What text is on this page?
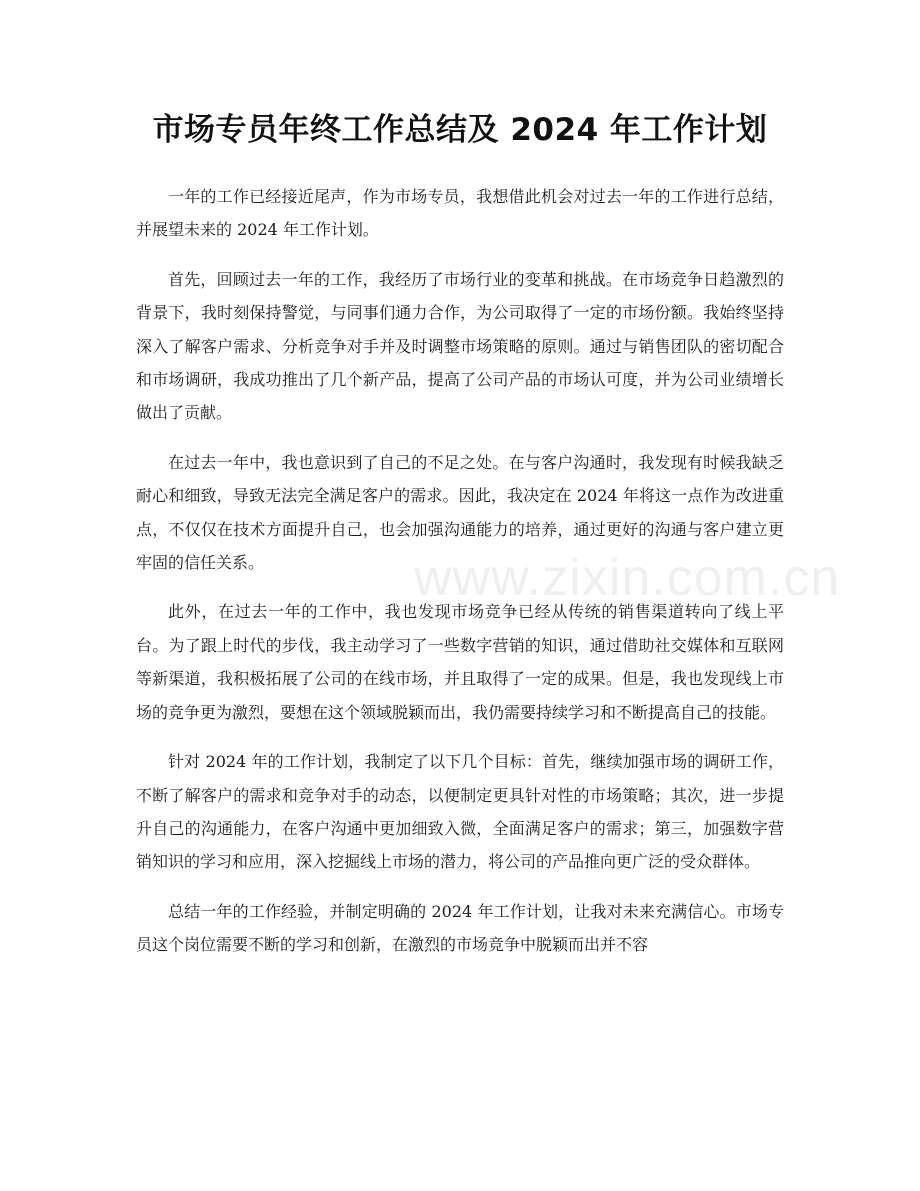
市场专员年终工作总结及 2024 年工作计划

一年的工作已经接近尾声，作为市场专员，我想借此机会对过去一年的工作进行总结，并展望未来的 2024 年工作计划。

首先，回顾过去一年的工作，我经历了市场行业的变革和挑战。在市场竞争日趋激烈的背景下，我时刻保持警觉，与同事们通力合作，为公司取得了一定的市场份额。我始终坚持深入了解客户需求、分析竞争对手并及时调整市场策略的原则。通过与销售团队的密切配合和市场调研，我成功推出了几个新产品，提高了公司产品的市场认可度，并为公司业绩增长做出了贡献。

在过去一年中，我也意识到了自己的不足之处。在与客户沟通时，我发现有时候我缺乏耐心和细致，导致无法完全满足客户的需求。因此，我决定在 2024 年将这一点作为改进重点，不仅仅在技术方面提升自己，也会加强沟通能力的培养，通过更好的沟通与客户建立更牢固的信任关系。

此外，在过去一年的工作中，我也发现市场竞争已经从传统的销售渠道转向了线上平台。为了跟上时代的步伐，我主动学习了一些数字营销的知识，通过借助社交媒体和互联网等新渠道，我积极拓展了公司的在线市场，并且取得了一定的成果。但是，我也发现线上市场的竞争更为激烈，要想在这个领域脱颖而出，我仍需要持续学习和不断提高自己的技能。

针对 2024 年的工作计划，我制定了以下几个目标：首先，继续加强市场的调研工作，不断了解客户的需求和竞争对手的动态，以便制定更具针对性的市场策略；其次，进一步提升自己的沟通能力，在客户沟通中更加细致入微，全面满足客户的需求；第三，加强数字营销知识的学习和应用，深入挖掘线上市场的潜力，将公司的产品推向更广泛的受众群体。

总结一年的工作经验，并制定明确的 2024 年工作计划，让我对未来充满信心。市场专员这个岗位需要不断的学习和创新，在激烈的市场竞争中脱颖而出并不容

www.zixin.com.cn
